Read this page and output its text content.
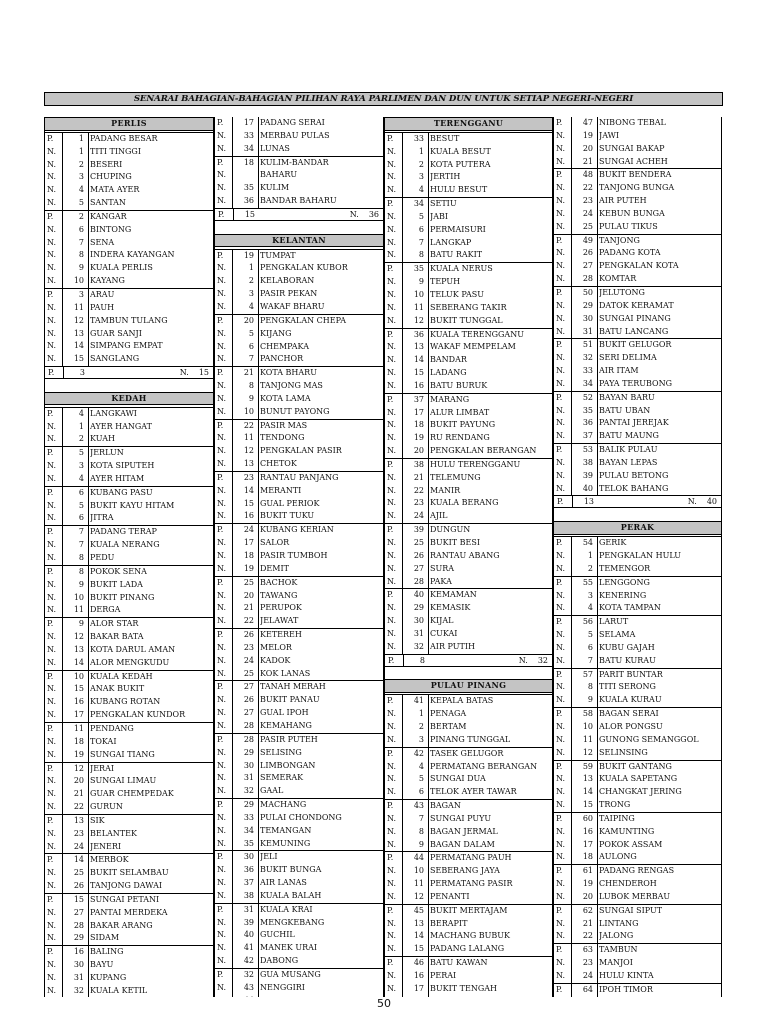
SENARAI BAHAGIAN-BAHAGIAN PILIHAN RAYA PARLIMEN DAN DUN UNTUK SETIAP NEGERI-NEGERI
PERLIS
P.	1 PADANG BESAR
N.	1 TITI TINGGI
N.	2 BESERI
N.	3 CHUPING
N.	4 MATA AYER
N.	5 SANTAN
P.	2 KANGAR
N.	6 BINTONG
N.	7 SENA
N.	8 INDERA KAYANGAN
N.	9 KUALA PERLIS
N.	10 KAYANG
P.	3 ARAU
N.	11 PAUH
N.	12 TAMBUN TULANG
N.	13 GUAR SANJI
N.	14 SIMPANG EMPAT
N.	15 SANGLANG
P.	3	N. 15
KEDAH
P.	4 LANGKAWI
N.	1 AYER HANGAT
N.	2 KUAH
P.	5 JERLUN
N.	3 KOTA SIPUTEH
N.	4 AYER HITAM
P.	6 KUBANG PASU
N.	5 BUKIT KAYU HITAM
N.	6 JITRA
P.	7 PADANG TERAP
N.	7 KUALA NERANG
N.	8 PEDU
P.	8 POKOK SENA
N.	9 BUKIT LADA
N.	10 BUKIT PINANG
N.	11 DERGA
P.	9 ALOR STAR
N.	12 BAKAR BATA
N.	13 KOTA DARUL AMAN
N.	14 ALOR MENGKUDU
P.	10 KUALA KEDAH
N.	15 ANAK BUKIT
N.	16 KUBANG ROTAN
N.	17 PENGKALAN KUNDOR
P.	11 PENDANG
N.	18 TOKAI
N.	19 SUNGAI TIANG
P.	12 JERAI
N.	20 SUNGAI LIMAU
N.	21 GUAR CHEMPEDAK
N.	22 GURUN
P.	13 SIK
N.	23 BELANTEK
N.	24 JENERI
P.	14 MERBOK
N.	25 BUKIT SELAMBAU
N.	26 TANJONG DAWAI
P.	15 SUNGAI PETANI
N.	27 PANTAI MERDEKA
N.	28 BAKAR ARANG
N.	29 SIDAM
P.	16 BALING
N.	30 BAYU
N.	31 KUPANG
N.	32 KUALA KETIL
P.	17 PADANG SERAI
N.	33 MERBAU PULAS
N.	34 LUNAS
P.	18 KULIM-BANDAR
N.	BAHARU
N.	35 KULIM
N.	36 BANDAR BAHARU
P.	15	N. 36
KELANTAN
P.	19 TUMPAT
N.	1 PENGKALAN KUBOR
N.	2 KELABORAN
N.	3 PASIR PEKAN
N.	4 WAKAF BHARU
P.	20 PENGKALAN CHEPA
N.	5 KIJANG
N.	6 CHEMPAKA
N.	7 PANCHOR
P.	21 KOTA BHARU
N.	8 TANJONG MAS
N.	9 KOTA LAMA
N.	10 BUNUT PAYONG
P.	22 PASIR MAS
N.	11 TENDONG
N.	12 PENGKALAN PASIR
N.	13 CHETOK
P.	23 RANTAU PANJANG
N.	14 MERANTI
N.	15 GUAL PERIOK
N.	16 BUKIT TUKU
P.	24 KUBANG KERIAN
N.	17 SALOR
N.	18 PASIR TUMBOH
N.	19 DEMIT
P.	25 BACHOK
N.	20 TAWANG
N.	21 PERUPOK
N.	22 JELAWAT
P.	26 KETEREH
N.	23 MELOR
N.	24 KADOK
N.	25 KOK LANAS
P.	27 TANAH MERAH
N.	26 BUKIT PANAU
N.	27 GUAL IPOH
N.	28 KEMAHANG
P.	28 PASIR PUTEH
N.	29 SELISING
N.	30 LIMBONGAN
N.	31 SEMERAK
N.	32 GAAL
P.	29 MACHANG
N.	33 PULAI CHONDONG
N.	34 TEMANGAN
N.	35 KEMUNING
P.	30 JELI
N.	36 BUKIT BUNGA
N.	37 AIR LANAS
N.	38 KUALA BALAH
P.	31 KUALA KRAI
N.	39 MENGKEBANG
N.	40 GUCHIL
N.	41 MANEK URAI
N.	42 DABONG
P.	32 GUA MUSANG
N.	43 NENGGIRI
TERENGGANU
P.	33 BESUT
N.	1 KUALA BESUT
N.	2 KOTA PUTERA
N.	3 JERTIH
N.	4 HULU BESUT
P.	34 SETIU
N.	5 JABI
N.	6 PERMAISURI
N.	7 LANGKAP
N.	8 BATU RAKIT
P.	35 KUALA NERUS
N.	9 TEPUH
N.	10 TELUK PASU
N.	11 SEBERANG TAKIR
N.	12 BUKIT TUNGGAL
P.	36 KUALA TERENGGANU
N.	13 WAKAF MEMPELAM
N.	14 BANDAR
N.	15 LADANG
N.	16 BATU BURUK
P.	37 MARANG
N.	17 ALUR LIMBAT
N.	18 BUKIT PAYUNG
N.	19 RU RENDANG
N.	20 PENGKALAN BERANGAN
P.	38 HULU TERENGGANU
N.	21 TELEMUNG
N.	22 MANIR
N.	23 KUALA BERANG
N.	24 AJIL
P.	39 DUNGUN
N.	25 BUKIT BESI
N.	26 RANTAU ABANG
N.	27 SURA
N.	28 PAKA
P.	40 KEMAMAN
N.	29 KEMASIK
N.	30 KIJAL
N.	31 CUKAI
N.	32 AIR PUTIH
P.	8	N. 32
PULAU PINANG
P.	41 KEPALA BATAS
N.	1 PENAGA
N.	2 BERTAM
N.	3 PINANG TUNGGAL
P.	42 TASEK GELUGOR
N.	4 PERMATANG BERANGAN
N.	5 SUNGAI DUA
N.	6 TELOK AYER TAWAR
P.	43 BAGAN
N.	7 SUNGAI PUYU
N.	8 BAGAN JERMAL
N.	9 BAGAN DALAM
P.	44 PERMATANG PAUH
N.	10 SEBERANG JAYA
N.	11 PERMATANG PASIR
N.	12 PENANTI
P.	45 BUKIT MERTAJAM
N.	13 BERAPIT
N.	14 MACHANG BUBUK
N.	15 PADANG LALANG
P.	46 BATU KAWAN
N.	16 PERAI
N.	17 BUKIT TENGAH
P.	47 NIBONG TEBAL
N.	19 JAWI
N.	20 SUNGAI BAKAP
N.	21 SUNGAI ACHEH
P.	48 BUKIT BENDERA
N.	22 TANJONG BUNGA
N.	23 AIR PUTEH
N.	24 KEBUN BUNGA
N.	25 PULAU TIKUS
P.	49 TANJONG
N.	26 PADANG KOTA
N.	27 PENGKALAN KOTA
N.	28 KOMTAR
P.	50 JELUTONG
N.	29 DATOK KERAMAT
N.	30 SUNGAI PINANG
N.	31 BATU LANCANG
P.	51 BUKIT GELUGOR
N.	32 SERI DELIMA
N.	33 AIR ITAM
N.	34 PAYA TERUBONG
P.	52 BAYAN BARU
N.	35 BATU UBAN
N.	36 PANTAI JEREJAK
N.	37 BATU MAUNG
P.	53 BALIK PULAU
N.	38 BAYAN LEPAS
N.	39 PULAU BETONG
N.	40 TELOK BAHANG
P.	13	N. 40
PERAK
P.	54 GERIK
N.	1 PENGKALAN HULU
N.	2 TEMENGOR
P.	55 LENGGONG
N.	3 KENERING
N.	4 KOTA TAMPAN
P.	56 LARUT
N.	5 SELAMA
N.	6 KUBU GAJAH
N.	7 BATU KURAU
P.	57 PARIT BUNTAR
N.	8 TITI SERONG
N.	9 KUALA KURAU
P.	58 BAGAN SERAI
N.	10 ALOR PONGSU
N.	11 GUNONG SEMANGGOL
N.	12 SELINSING
P.	59 BUKIT GANTANG
N.	13 KUALA SAPETANG
N.	14 CHANGKAT JERING
N.	15 TRONG
P.	60 TAIPING
N.	16 KAMUNTING
N.	17 POKOK ASSAM
N.	18 AULONG
P.	61 PADANG RENGAS
N.	19 CHENDEROH
N.	20 LUBOK MERBAU
P.	62 SUNGAI SIPUT
N.	21 LINTANG
N.	22 JALONG
P.	63 TAMBUN
N.	23 MANJOI
N.	24 HULU KINTA
P.	64 IPOH TIMOR
50
